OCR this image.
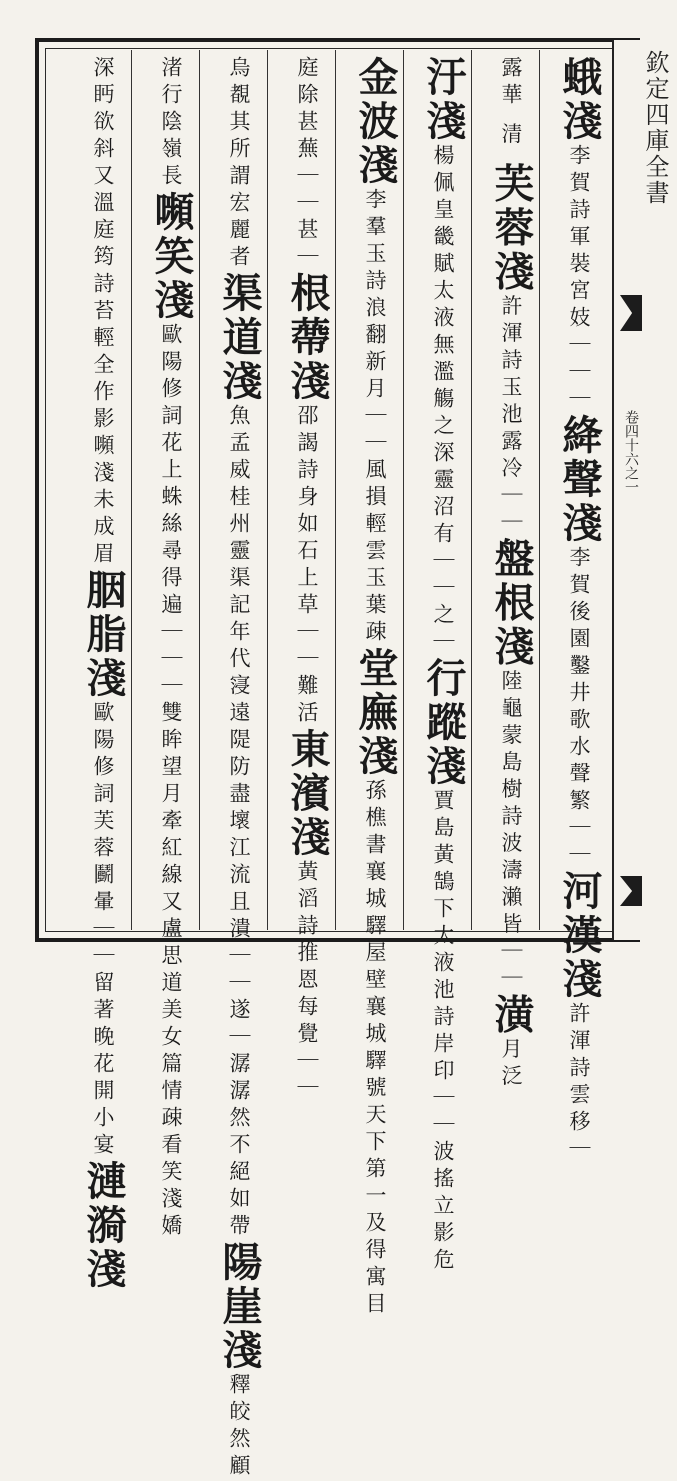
欽定四庫全書
卷四十六之一
蛾淺李賀詩軍裝宮妓｜｜｜絳聲淺李賀後園鑿井歌水聲繁｜｜河漢淺許渾詩雲移｜
露華 清 芙蓉淺許渾詩玉池露冷｜｜盤根淺陸龜蒙島樹詩波濤瀨皆｜｜潢月泛
汙淺楊佩皇畿賦太液無濫觴之深靈沼有｜｜之｜行蹤淺賈島黃鵠下太液池詩岸印｜｜波搖立影危
金波淺李羣玉詩浪翻新月｜｜風損輕雲玉葉疎堂廡淺孫樵書襄城驛屋壁襄城驛號天下第一及得寓目
庭除甚蕪｜｜甚｜根蔕淺邵謁詩身如石上草｜｜難活東濱淺黃滔詩推恩每覺｜｜
烏覩其所謂宏麗者渠道淺魚孟威桂州靈渠記年代寖遠隄防盡壞江流且潰｜｜遂｜潺潺然不絕如帶陽崖淺釋皎然顧
渚行陰嶺長嚬笑淺歐陽修詞花上蛛絲尋得遍｜｜｜雙眸望月牽紅線又盧思道美女篇情疎看笑淺嬌
深眄欲斜又溫庭筠詩苔輕全作影嚬淺未成眉胭脂淺歐陽修詞芙蓉鬬暈｜｜留著晚花開小宴漣漪淺
